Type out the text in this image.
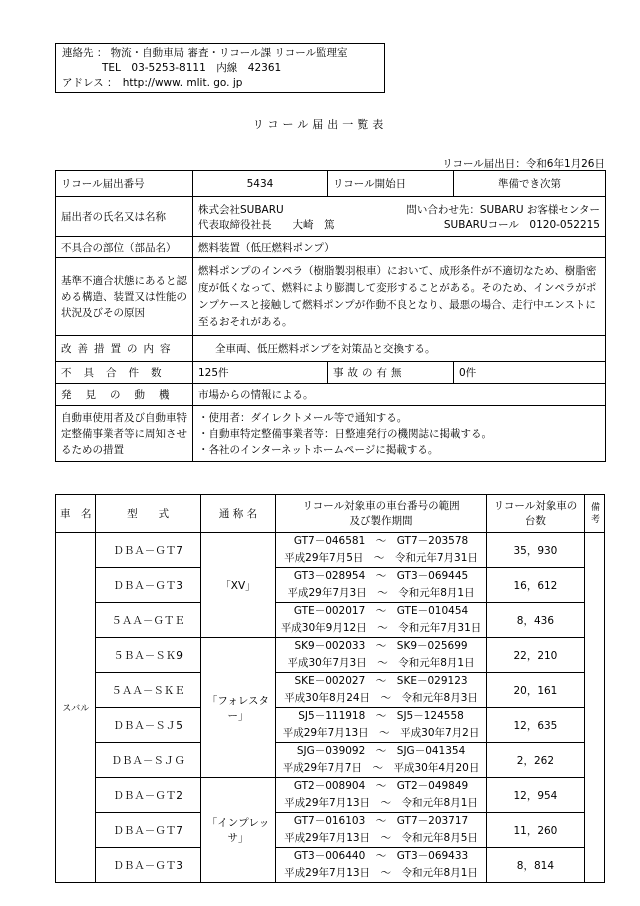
連絡先 ： 物流・自動車局 審査・リコール課 リコール監理室
TEL　03-5253-8111　内線　42361
アドレス ：　http://www. mlit. go. jp
リコール届出一覧表
リコール届出日：令和6年1月26日
リコール届出番号	5434	リコール開始日	準備でき次第
届出者の氏名又は名称	株式会社SUBARU 問い合わせ先：SUBARU お客様センター
代表取締役社長　　大崎　篤 SUBARUコール　0120-052215		

不具合の部位（部品名）	燃料装置（低圧燃料ポンプ）		
基準不適合状態にあると認める構造、装置又は性能の状況及びその原因	燃料ポンプのインペラ（樹脂製羽根車）において、成形条件が不適切なため、樹脂密度が低くなって、燃料により膨潤して変形することがある。そのため、インペラがポンプケースと接触して燃料ポンプが作動不良となり、最悪の場合、走行中エンストに至るおそれがある。		
改善措置の内容	全車両、低圧燃料ポンプを対策品と交換する。		
不具合件数	125件	事故の有無	0件
発見の動機	市場からの情報による。		
自動車使用者及び自動車特定整備事業者等に周知させるための措置	・使用者：ダイレクトメール等で通知する。
・自動車特定整備事業者等：日整連発行の機関誌に掲載する。
・各社のインターネットホームページに掲載する。		
車　名	型　　式	通 称 名	リコール対象車の車台番号の範囲
及び製作期間	リコール対象車の
台数	備考

スバル	ＤＢＡ－ＧＴ7	「XV」	GT7－046581　～　GT7－203578
平成29年7月5日　～　令和元年7月31日	35，930	
	ＤＢＡ－ＧＴ3		GT3－028954　～　GT3－069445
平成29年7月3日　～　令和元年8月1日	16，612	
	５ＡＡ－ＧＴＥ		GTE－002017　～　GTE－010454
平成30年9月12日　～　令和元年7月31日	8，436	
	５ＢＡ－ＳＫ9	「フォレスター」	SK9－002033　～　SK9－025699
平成30年7月3日　～　令和元年8月1日	22，210	
	５ＡＡ－ＳＫＥ		SKE－002027　～　SKE－029123
平成30年8月24日　～　令和元年8月3日	20，161	
	ＤＢＡ－ＳＪ5		SJ5－111918　～　SJ5－124558
平成29年7月13日　～　平成30年7月2日	12，635	
	ＤＢＡ－ＳＪＧ		SJG－039092　～　SJG－041354
平成29年7月7日　～　平成30年4月20日	2，262	
	ＤＢＡ－ＧＴ2	「インプレッサ」	GT2－008904　～　GT2－049849
平成29年7月13日　～　令和元年8月1日	12，954	
	ＤＢＡ－ＧＴ7		GT7－016103　～　GT7－203717
平成29年7月13日　～　令和元年8月5日	11，260	
	ＤＢＡ－ＧＴ3		GT3－006440　～　GT3－069433
平成29年7月13日　～　令和元年8月1日	8，814	
